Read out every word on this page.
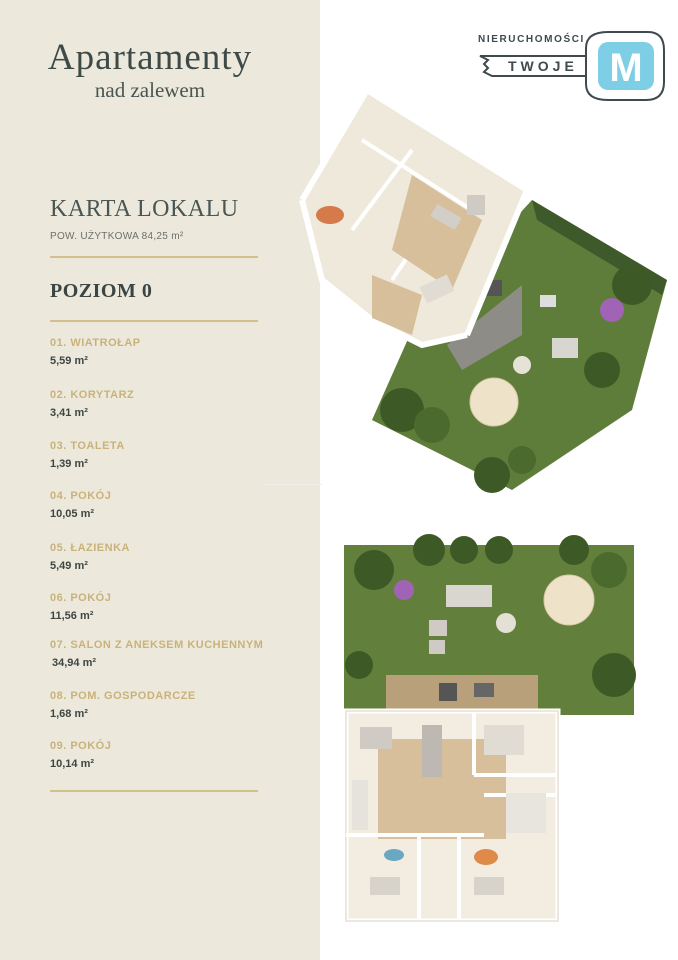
Apartamenty
nad zalewem
KARTA LOKALU
POW. UŻYTKOWA 84,25 m²
POZIOM 0
01. WIATROŁAP
5,59 m²
02. KORYTARZ
3,41 m²
03. TOALETA
1,39 m²
04. POKÓJ
10,05 m²
05. ŁAZIENKA
5,49 m²
06. POKÓJ
11,56 m²
07. SALON Z ANEKSEM KUCHENNYM
34,94 m²
08. POM. GOSPODARCZE
1,68 m²
09. POKÓJ
10,14 m²
NIERUCHOMOŚCI
TWOJE M
